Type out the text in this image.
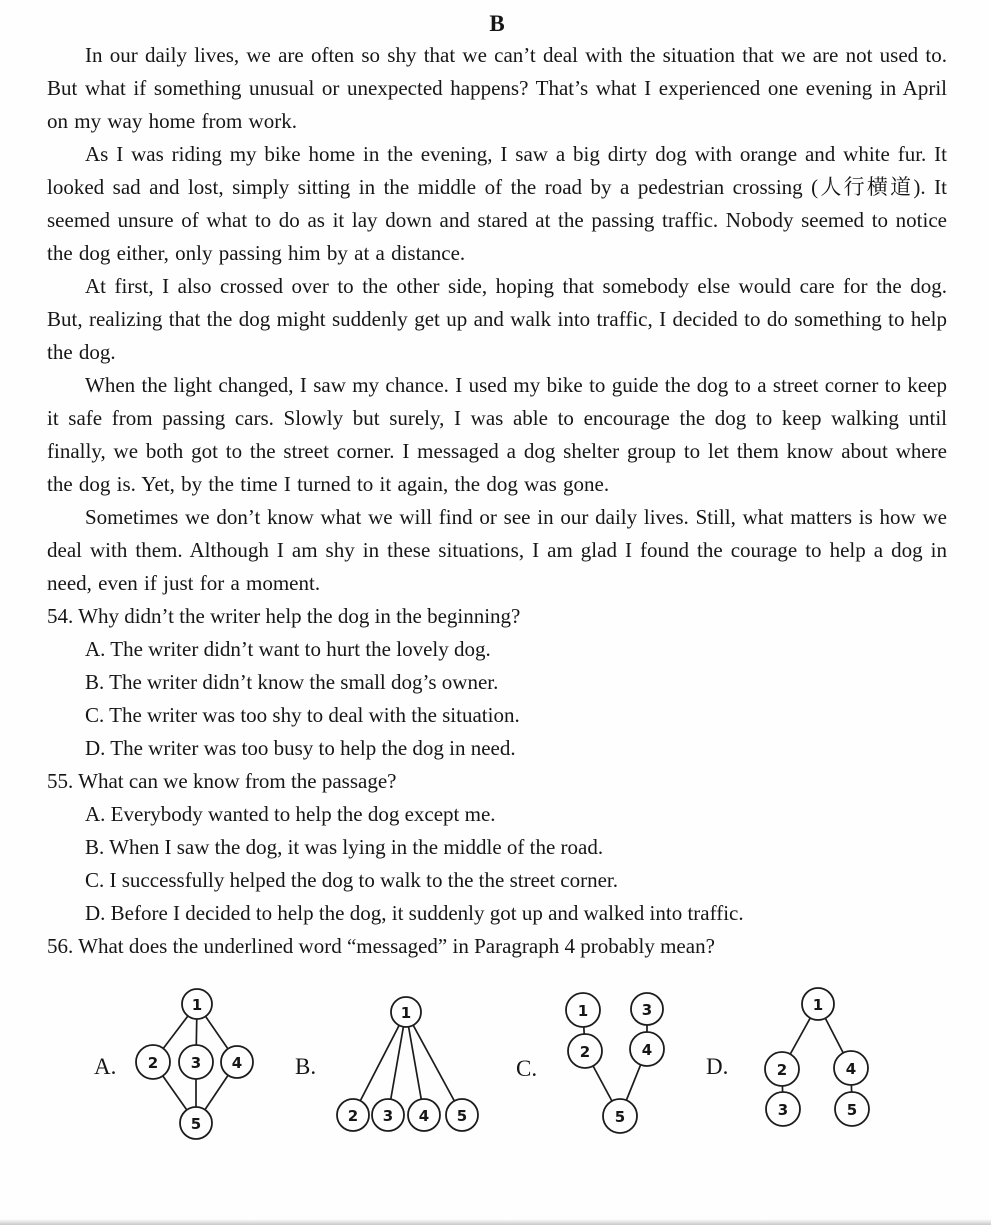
B

In our daily lives, we are often so shy that we can’t deal with the situation that we are not used to. But what if something unusual or unexpected happens? That’s what I experienced one evening in April on my way home from work.

As I was riding my bike home in the evening, I saw a big dirty dog with orange and white fur. It looked sad and lost, simply sitting in the middle of the road by a pedestrian crossing (人行横道). It seemed unsure of what to do as it lay down and stared at the passing traffic. Nobody seemed to notice the dog either, only passing him by at a distance.

At first, I also crossed over to the other side, hoping that somebody else would care for the dog. But, realizing that the dog might suddenly get up and walk into traffic, I decided to do something to help the dog.

When the light changed, I saw my chance. I used my bike to guide the dog to a street corner to keep it safe from passing cars. Slowly but surely, I was able to encourage the dog to keep walking until finally, we both got to the street corner. I messaged a dog shelter group to let them know about where the dog is. Yet, by the time I turned to it again, the dog was gone.

Sometimes we don’t know what we will find or see in our daily lives. Still, what matters is how we deal with them. Although I am shy in these situations, I am glad I found the courage to help a dog in need, even if just for a moment.

54. Why didn’t the writer help the dog in the beginning?
A. The writer didn’t want to hurt the lovely dog.
B. The writer didn’t know the small dog’s owner.
C. The writer was too shy to deal with the situation.
D. The writer was too busy to help the dog in need.
55. What can we know from the passage?
A. Everybody wanted to help the dog except me.
B. When I saw the dog, it was lying in the middle of the road.
C. I successfully helped the dog to walk to the the street corner.
D. Before I decided to help the dog, it suddenly got up and walked into traffic.
56. What does the underlined word “messaged” in Paragraph 4 probably mean?
A.
1
2 3 4
5
B.
1
2 3 4 5
C.
1
2
3
4
5
D.
1
2
3
4
5
